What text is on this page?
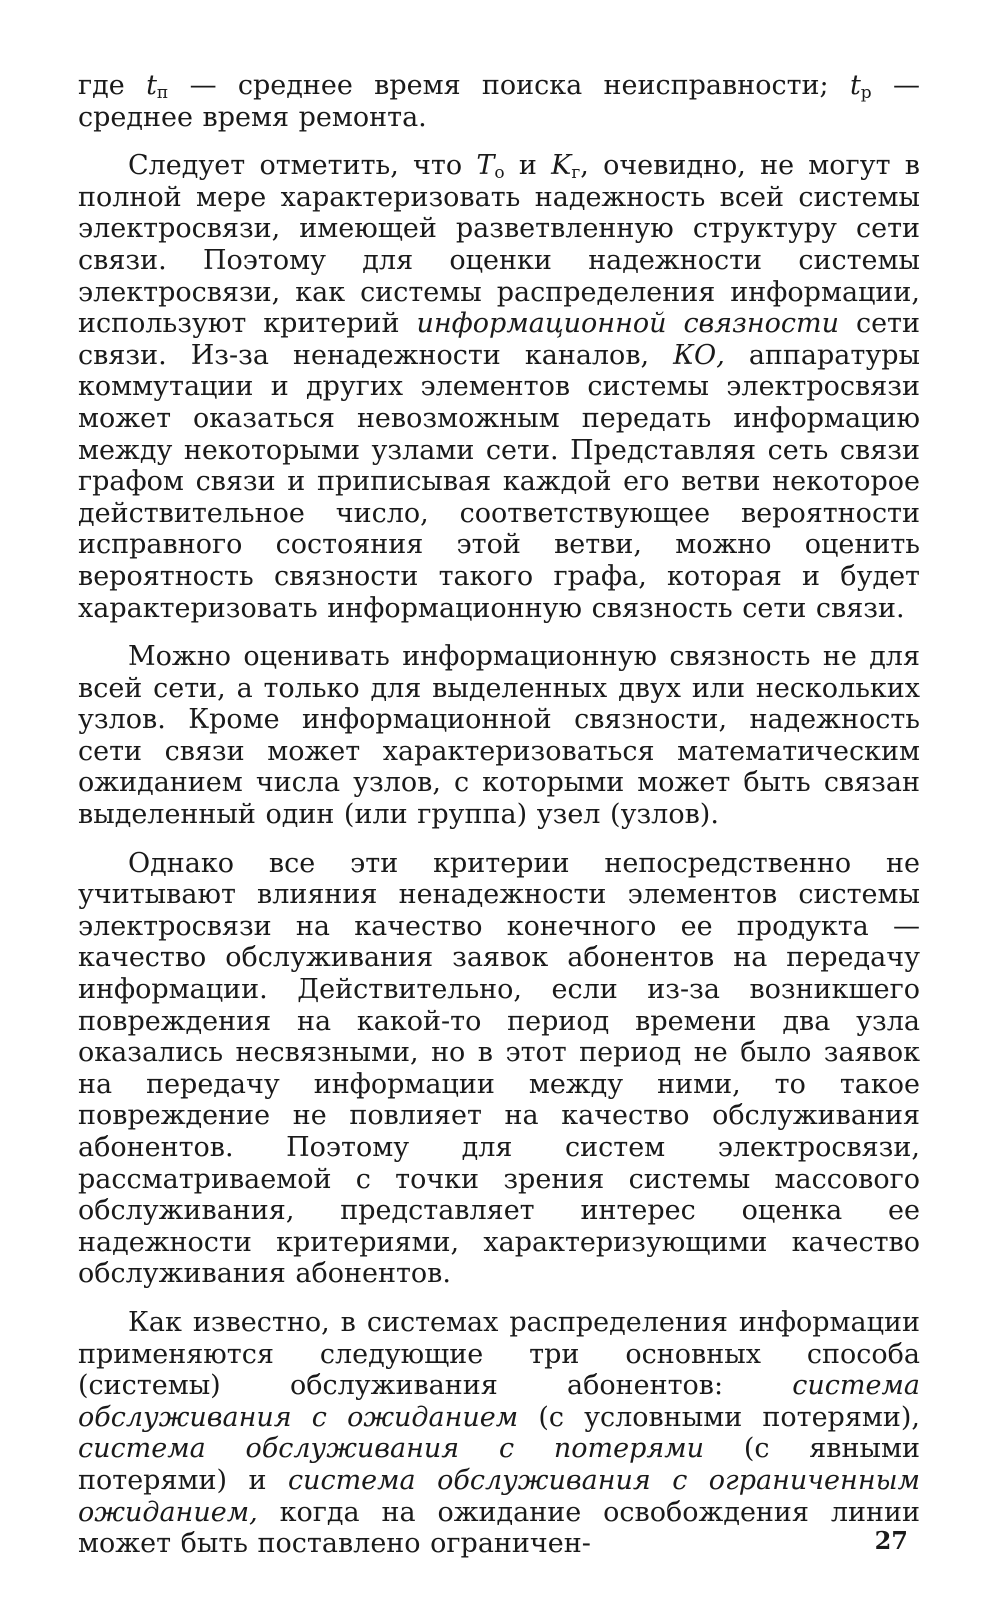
где $t_п$ — среднее время поиска неисправности; $t_р$ — среднее время ремонта.

Следует отметить, что $T_о$ и $K_г$, очевидно, не могут в полной мере характеризовать надежность всей системы электросвязи, имеющей разветвленную структуру сети связи. Поэтому для оценки надежности системы электросвязи, как системы распределения информации, используют критерий информационной связности сети связи. Из-за ненадежности каналов, КО, аппаратуры коммутации и других элементов системы электросвязи может оказаться невозможным передать информацию между некоторыми узлами сети. Представляя сеть связи графом связи и приписывая каждой его ветви некоторое действительное число, соответствующее вероятности исправного состояния этой ветви, можно оценить вероятность связности такого графа, которая и будет характеризовать информационную связность сети связи.

Можно оценивать информационную связность не для всей сети, а только для выделенных двух или нескольких узлов. Кроме информационной связности, надежность сети связи может характеризоваться математическим ожиданием числа узлов, с которыми может быть связан выделенный один (или группа) узел (узлов).

Однако все эти критерии непосредственно не учитывают влияния ненадежности элементов системы электросвязи на качество конечного ее продукта — качество обслуживания заявок абонентов на передачу информации. Действительно, если из-за возникшего повреждения на какой-то период времени два узла оказались несвязными, но в этот период не было заявок на передачу информации между ними, то такое повреждение не повлияет на качество обслуживания абонентов. Поэтому для систем электросвязи, рассматриваемой с точки зрения системы массового обслуживания, представляет интерес оценка ее надежности критериями, характеризующими качество обслуживания абонентов.

Как известно, в системах распределения информации применяются следующие три основных способа (системы) обслуживания абонентов: система обслуживания с ожиданием (с условными потерями), система обслуживания с потерями (с явными потерями) и система обслуживания с ограниченным ожиданием, когда на ожидание освобождения линии может быть поставлено ограничен-	27
